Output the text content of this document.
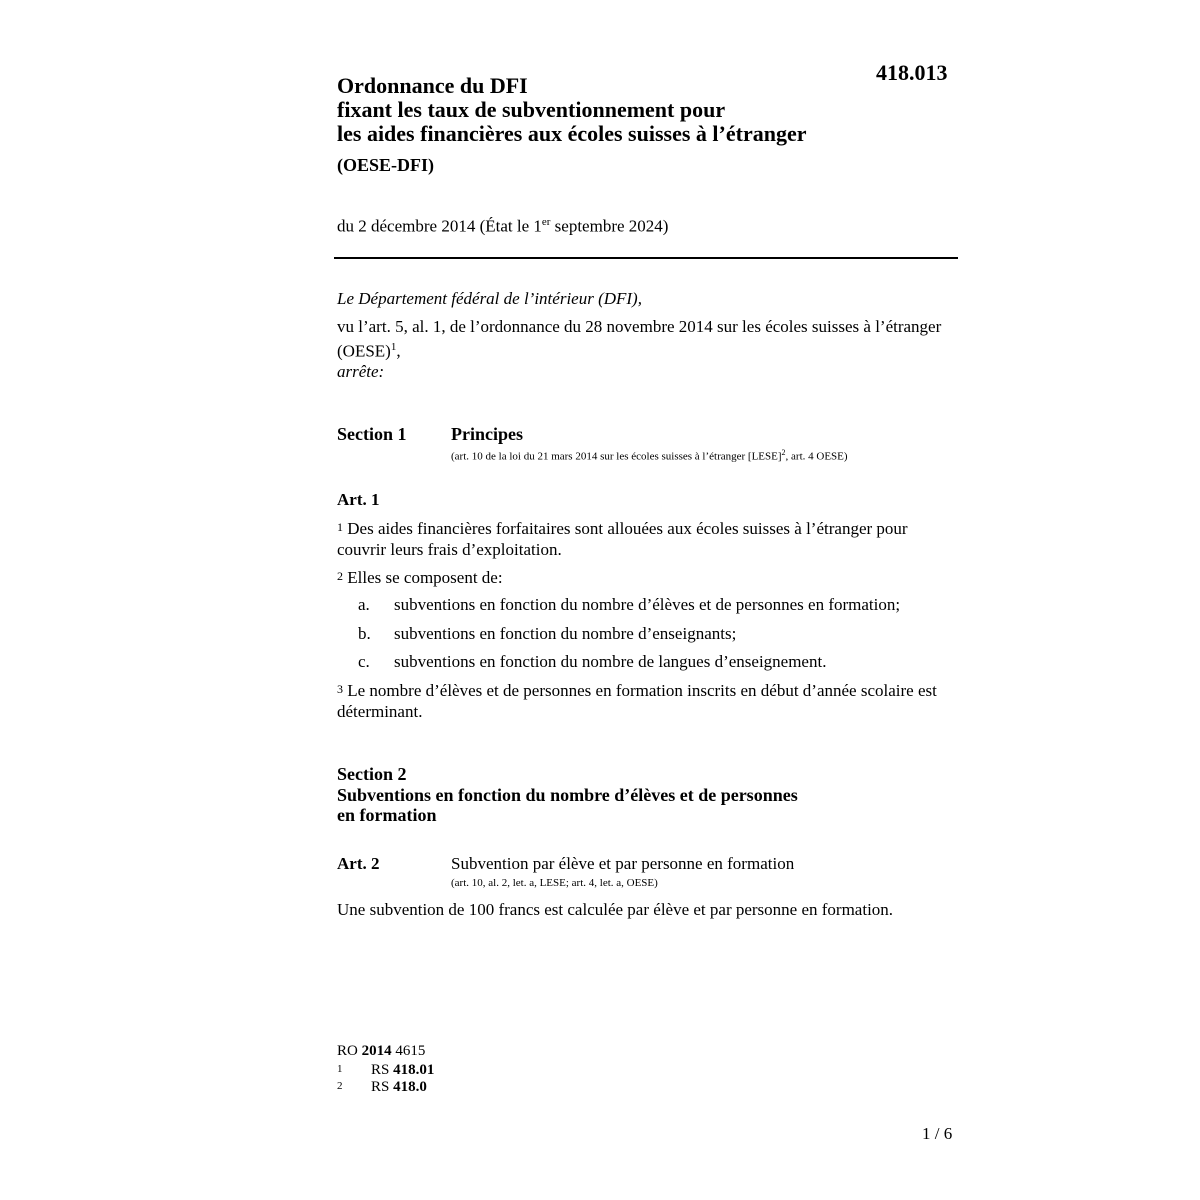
418.013
Ordonnance du DFI
fixant les taux de subventionnement pour
les aides financières aux écoles suisses à l’étranger
(OESE-DFI)
du 2 décembre 2014 (État le 1er septembre 2024)
Le Département fédéral de l’intérieur (DFI),
vu l’art. 5, al. 1, de l’ordonnance du 28 novembre 2014 sur les écoles suisses à l’étranger (OESE)$^1$,
arrête:
Section 1 Principes
(art. 10 de la loi du 21 mars 2014 sur les écoles suisses à l’étranger [LESE]$^2$, art. 4 OESE)
Art. 1
$^1$ Des aides financières forfaitaires sont allouées aux écoles suisses à l’étranger pour couvrir leurs frais d’exploitation.
$^2$ Elles se composent de:
a. subventions en fonction du nombre d’élèves et de personnes en formation;
b. subventions en fonction du nombre d’enseignants;
c. subventions en fonction du nombre de langues d’enseignement.
$^3$ Le nombre d’élèves et de personnes en formation inscrits en début d’année scolaire est déterminant.
Section 2
Subventions en fonction du nombre d’élèves et de personnes
en formation
Art. 2	Subvention par élève et par personne en formation
(art. 10, al. 2, let. a, LESE; art. 4, let. a, OESE)
Une subvention de 100 francs est calculée par élève et par personne en formation.
RO 2014 4615
1 RS 418.01
2 RS 418.0
1 / 6
